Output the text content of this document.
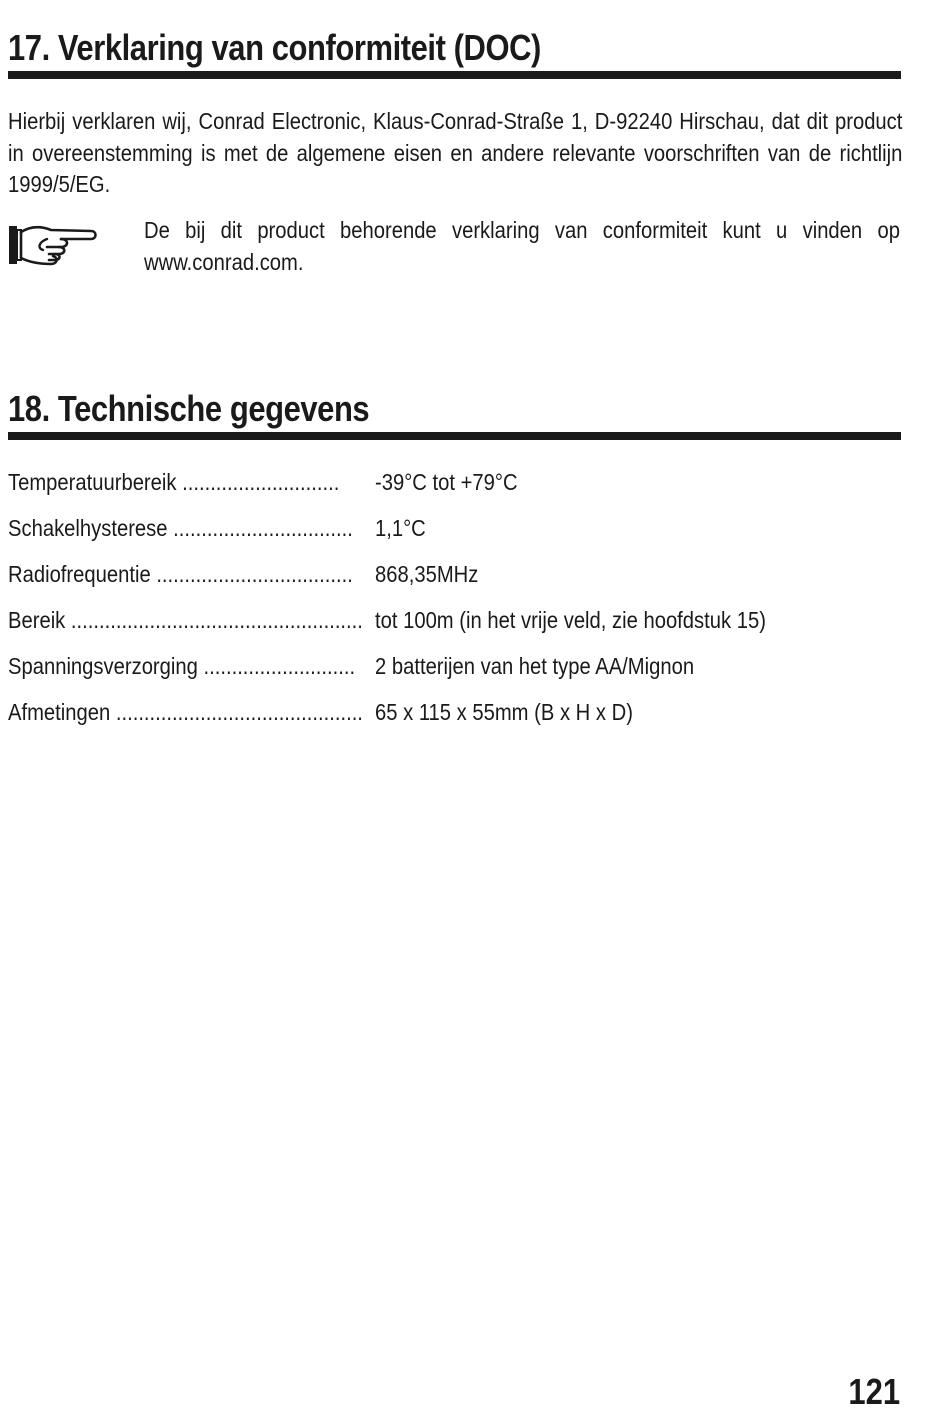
17. Verklaring van conformiteit (DOC)

Hierbij verklaren wij, Conrad Electronic, Klaus-Conrad-Straße 1, D-92240 Hirschau, dat dit product in overeenstemming is met de algemene eisen en andere relevante voorschriften van de richtlijn 1999/5/EG.

De bij dit product behorende verklaring van conformiteit kunt u vinden op
www.conrad.com.

18. Technische gegevens
Temperatuurbereik ............................	-39°C tot +79°C
Schakelhysterese ................................ 1,1°C
Radiofrequentie ................................... 868,35MHz
Bereik .................................................... tot 100m (in het vrije veld, zie hoofdstuk 15)
Spanningsverzorging ........................... 2 batterijen van het type AA/Mignon
Afmetingen ............................................ 65 x 115 x 55mm (B x H x D)
121
